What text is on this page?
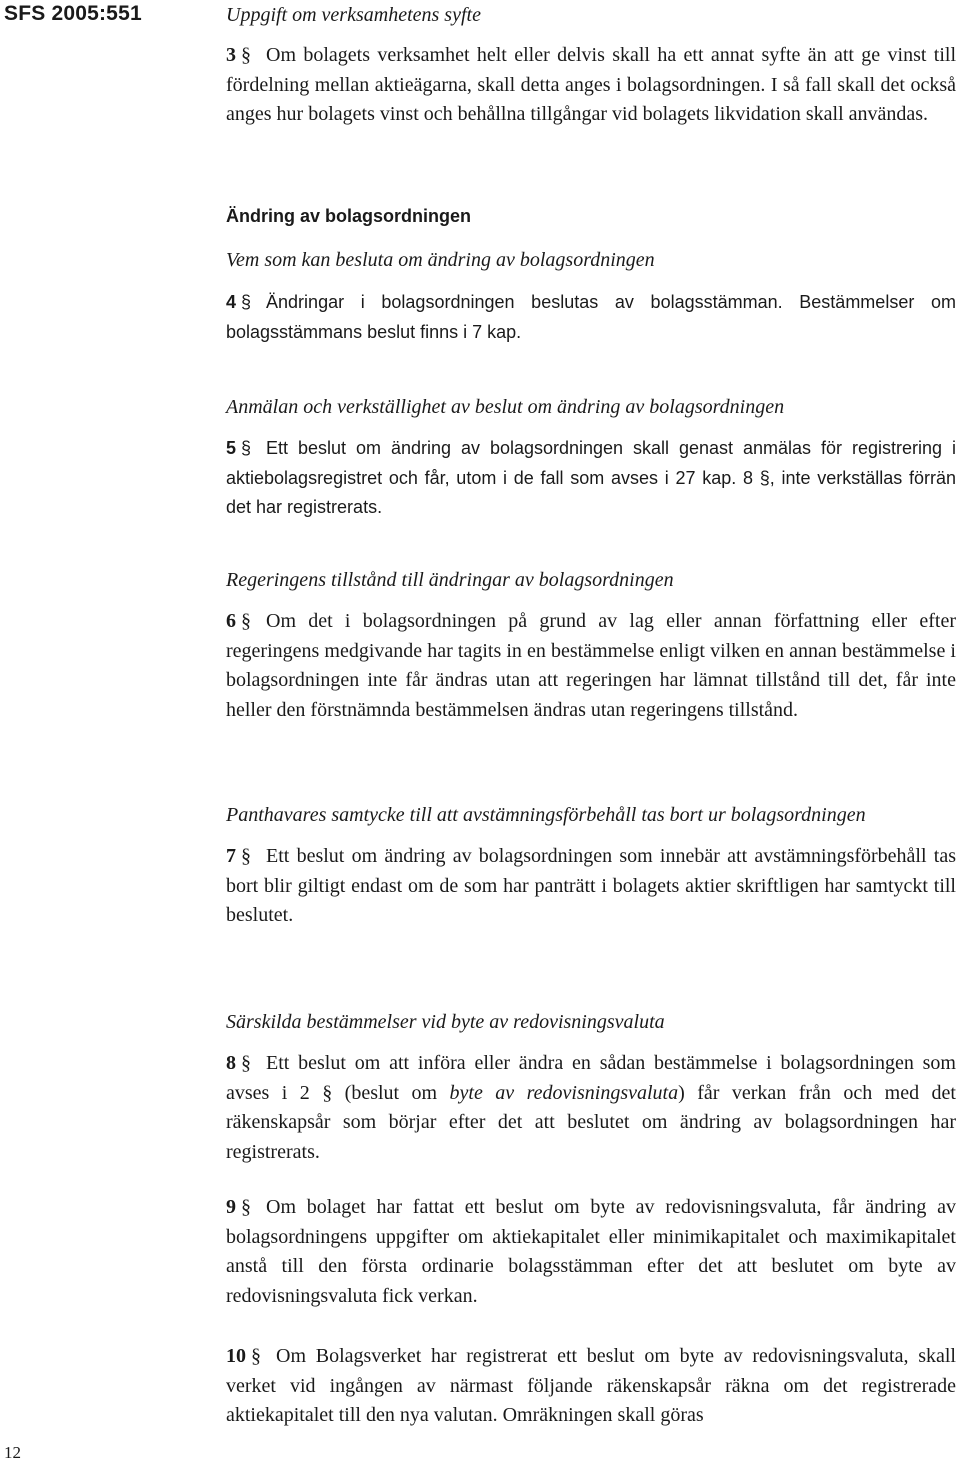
SFS 2005:551
12
Uppgift om verksamhetens syfte

3 § Om bolagets verksamhet helt eller delvis skall ha ett annat syfte än att ge vinst till fördelning mellan aktieägarna, skall detta anges i bolagsordningen. I så fall skall det också anges hur bolagets vinst och behållna tillgångar vid bolagets likvidation skall användas.

Ändring av bolagsordningen
Vem som kan besluta om ändring av bolagsordningen

4 § Ändringar i bolagsordningen beslutas av bolagsstämman. Bestämmelser om bolagsstämmans beslut finns i 7 kap.

Anmälan och verkställighet av beslut om ändring av bolagsordningen

5 § Ett beslut om ändring av bolagsordningen skall genast anmälas för registrering i aktiebolagsregistret och får, utom i de fall som avses i 27 kap. 8 §, inte verkställas förrän det har registrerats.

Regeringens tillstånd till ändringar av bolagsordningen

6 § Om det i bolagsordningen på grund av lag eller annan författning eller efter regeringens medgivande har tagits in en bestämmelse enligt vilken en annan bestämmelse i bolagsordningen inte får ändras utan att regeringen har lämnat tillstånd till det, får inte heller den förstnämnda bestämmelsen ändras utan regeringens tillstånd.

Panthavares samtycke till att avstämningsförbehåll tas bort ur bolagsordningen

7 § Ett beslut om ändring av bolagsordningen som innebär att avstämningsförbehåll tas bort blir giltigt endast om de som har panträtt i bolagets aktier skriftligen har samtyckt till beslutet.

Särskilda bestämmelser vid byte av redovisningsvaluta

8 § Ett beslut om att införa eller ändra en sådan bestämmelse i bolagsordningen som avses i 2 § (beslut om byte av redovisningsvaluta) får verkan från och med det räkenskapsår som börjar efter det att beslutet om ändring av bolagsordningen har registrerats.

9 § Om bolaget har fattat ett beslut om byte av redovisningsvaluta, får ändring av bolagsordningens uppgifter om aktiekapitalet eller minimikapitalet och maximikapitalet anstå till den första ordinarie bolagsstämman efter det att beslutet om byte av redovisningsvaluta fick verkan.

10 § Om Bolagsverket har registrerat ett beslut om byte av redovisningsvaluta, skall verket vid ingången av närmast följande räkenskapsår räkna om det registrerade aktiekapitalet till den nya valutan. Omräkningen skall göras
